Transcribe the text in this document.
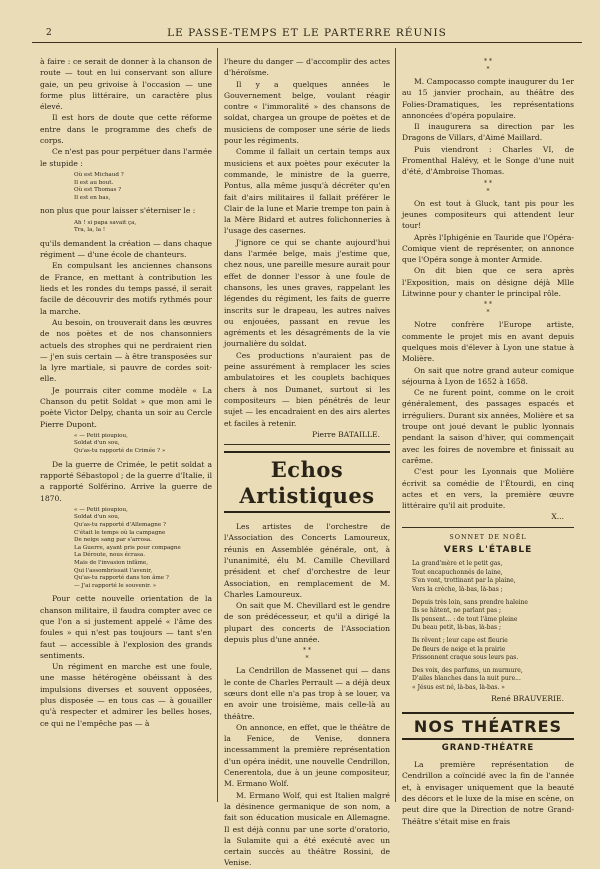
2	LE PASSE-TEMPS ET LE PARTERRE RÉUNIS

à faire : ce serait de donner à la chanson de route — tout en lui conservant son allure gaie, un peu grivoise à l'occasion — une forme plus littéraire, un caractère plus élevé.

Il est hors de doute que cette réforme entre dans le programme des chefs de corps.

Ce n'est pas pour perpétuer dans l'armée le stupide :

Où est Michaud ?
Il est au bout.
Où est Thomas ?
Il est en bas,

non plus que pour laisser s'éterniser le :

Ah ! si papa savait ça,
Tra, la, la !

qu'ils demandent la création — dans chaque régiment — d'une école de chanteurs.

En compulsant les anciennes chansons de France, en mettant à contribution les lieds et les rondes du temps passé, il serait facile de découvrir des motifs rythmés pour la marche.

Au besoin, on trouverait dans les œuvres de nos poètes et de nos chansonniers actuels des strophes qui ne perdraient rien — j'en suis certain — à être transposées sur la lyre martiale, si pauvre de cordes soit-elle.

Je pourrais citer comme modèle « La Chanson du petit Soldat » que mon ami le poète Victor Delpy, chanta un soir au Cercle Pierre Dupont.

« — Petit pioupiou,
Soldat d'un sou,
Qu'as-tu rapporté de Crimée ? »

De la guerre de Crimée, le petit soldat a rapporté Sébastopol ; de la guerre d'Italie, il a rapporté Solférino. Arrive la guerre de 1870.

« — Petit pioupiou,
Soldat d'un sou,
Qu'as-tu rapporté d'Allemagne ?
C'était le temps où la campagne
De neige sang par s'arrosa.
La Guerre, ayant pris pour compagne
La Déroute, nous écrasa.
Mais de l'invasion infâme,
Qui l'assombrissait l'avenir,
Qu'as-tu rapporté dans ton âme ?
— J'ai rapporté le souvenir. »

Pour cette nouvelle orientation de la chanson militaire, il faudra compter avec ce que l'on a si justement appelé « l'âme des foules » qui n'est pas toujours — tant s'en faut — accessible à l'explosion des grands sentiments.

Un régiment en marche est une foule, une masse hétérogène obéissant à des impulsions diverses et souvent opposées, plus disposée — en tous cas — à gouailler qu'à respecter et admirer les belles hoses, ce qui ne l'empêche pas — à

l'heure du danger — d'accomplir des actes d'héroïsme.

Il y a quelques années le Gouvernement belge, voulant réagir contre « l'immoralité » des chansons de soldat, chargea un groupe de poètes et de musiciens de composer une série de lieds pour les régiments.

Comme il fallait un certain temps aux musiciens et aux poètes pour exécuter la commande, le ministre de la guerre, Pontus, alla même jusqu'à décréter qu'en fait d'airs militaires il fallait préférer le Clair de la lune et Marie trempe ton pain à la Mère Bidard et autres folichonneries à l'usage des casernes.

J'ignore ce qui se chante aujourd'hui dans l'armée belge, mais j'estime que, chez nous, une pareille mesure aurait pour effet de donner l'essor à une foule de chansons, les unes graves, rappelant les légendes du régiment, les faits de guerre inscrits sur le drapeau, les autres naïves ou enjouées, passant en revue les agréments et les désagréments de la vie journalière du soldat.

Ces productions n'auraient pas de peine assurément à remplacer les scies ambulatoires et les couplets bachiques chers à nos Dumanet, surtout si les compositeurs — bien pénétrés de leur sujet — les encadraient en des airs alertes et faciles à retenir.

Pierre BATAILLE.
Echos Artistiques

Les artistes de l'orchestre de l'Association des Concerts Lamoureux, réunis en Assemblée générale, ont, à l'unanimité, élu M. Camille Chevillard président et chef d'orchestre de leur Association, en remplacement de M. Charles Lamoureux.

On sait que M. Chevillard est le gendre de son prédécesseur, et qu'il a dirigé la plupart des concerts de l'Association depuis plus d'une année.

* *
*

La Cendrillon de Massenet qui — dans le conte de Charles Perrault — a déjà deux sœurs dont elle n'a pas trop à se louer, va en avoir une troisième, mais celle-là au théâtre.

On annonce, en effet, que le théâtre de la Fenice, de Venise, donnera incessamment la première représentation d'un opéra inédit, une nouvelle Cendrillon, Cenerentola, due à un jeune compositeur, M. Ermano Wolf.

M. Ermano Wolf, qui est Italien malgré la désinence germanique de son nom, a fait son éducation musicale en Allemagne. Il est déjà connu par une sorte d'oratorio, la Sulamite qui a été exécuté avec un certain succès au théâtre Rossini, de Venise.

* *
*

M. Campocasso compte inaugurer du 1er au 15 janvier prochain, au théâtre des Folies-Dramatiques, les représentations annoncées d'opéra populaire.

Il inaugurera sa direction par les Dragons de Villars, d'Aimé Maillard.

Puis viendront : Charles VI, de Fromenthal Halévy, et le Songe d'une nuit d'été, d'Ambroise Thomas.

* *
*

On est tout à Gluck, tant pis pour les jeunes compositeurs qui attendent leur tour!

Après l'Iphigénie en Tauride que l'Opéra-Comique vient de représenter, on annonce que l'Opéra songe à monter Armide.

On dit bien que ce sera après l'Exposition, mais on désigne déjà Mlle Litwinne pour y chanter le principal rôle.

* *
*

Notre confrère l'Europe artiste, commente le projet mis en avant depuis quelques mois d'élever à Lyon une statue à Molière.

On sait que notre grand auteur comique séjourna à Lyon de 1652 à 1658.

Ce ne furent point, comme on le croit généralement, des passages espacés et irréguliers. Durant six années, Molière et sa troupe ont joué devant le public lyonnais pendant la saison d'hiver, qui commençait avec les foires de novembre et finissait au carême.

C'est pour les Lyonnais que Molière écrivit sa comédie de l'Étourdi, en cinq actes et en vers, la première œuvre littéraire qu'il ait produite.

X...
SONNET DE NOËL
VERS L'ÉTABLE
La grand'mère et le petit gas,
Tout encapuchonnés de laine,
S'en vont, trottinant par la plaine,
Vers la crèche, là-bas, là-bas ;
Depuis très loin, sans prendre haleine
Ils se hâtent, ne parlant pas ;
Ils pensent... : de tout l'âme pleine
Du beau petit, là-bas, là-bas ;
Ils rêvent ; leur cape est fleurie
De fleurs de neige et la prairie
Frissonnent craque sous leurs pas.
Des voix, des parfums, un murmure,
D'ailes blanches dans la nuit pure...
« Jésus est né, là-bas, là-bas. »
René BRAUVERIE.
NOS THÉATRES
GRAND-THÉATRE

La première représentation de Cendrillon a coïncidé avec la fin de l'année et, à envisager uniquement que la beauté des décors et le luxe de la mise en scène, on peut dire que la Direction de notre Grand-Théâtre s'était mise en frais
